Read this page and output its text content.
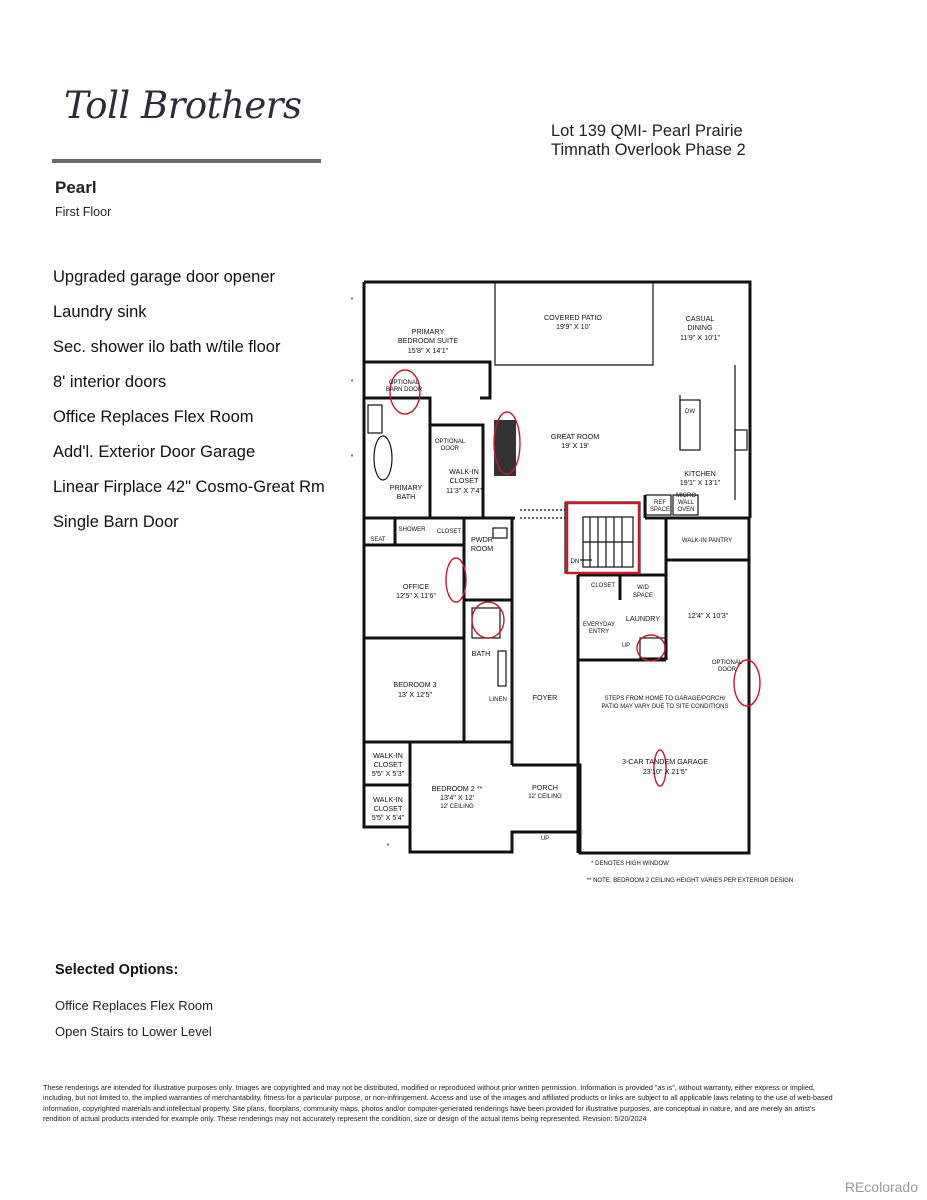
PRIMARY
BEDROOM SUITE
15'8" X 14'1"
COVERED PATIO
19'9" X 10'
CASUAL
DINING
11'9" X 10'1"
GREAT ROOM
19' X 19'
KITCHEN
19'1" X 13'1"
WALK-IN
CLOSET
11'3" X 7'4"
PRIMARY
BATH
SHOWER
SEAT
CLOSET
PWDR
ROOM
OFFICE
12'5" X 11'6"
BATH
LINEN
BEDROOM 3
13' X 12'5"	FOYER
WALK-IN
CLOSET
5'5" X 5'3"
WALK-IN
CLOSET
5'5" X 5'4"
BEDROOM 2 **
13'4" X 12'
12' CEILING
PORCH
12' CEILING
CLOSET	W/D
SPACE
EVERYDAY
ENTRY
LAUNDRY	12'4" X 10'3"
WALK-IN PANTRY
REF
SPACE
MICRO
WALL
OVEN
DW
3-CAR TANDEM GARAGE
23'10" X 21'5"
DN
UP
UP
OPTIONAL
BARN DOOR
OPTIONAL
DOOR
OPTIONAL
DOOR
STEPS FROM HOME TO GARAGE/PORCH/
PATIO MAY VARY DUE TO SITE CONDITIONS
* DENOTES HIGH WINDOW
** NOTE: BEDROOM 2 CEILING HEIGHT VARIES PER EXTERIOR DESIGN
*
*
*
*
Toll Brothers
Lot 139 QMI- Pearl Prairie
Timnath Overlook Phase 2
Pearl
First Floor
Upgraded garage door opener
Laundry sink
Sec. shower ilo bath w/tile floor
8' interior doors
Office Replaces Flex Room
Add'l. Exterior Door Garage
Linear Firplace 42" Cosmo-Great Rm
Single Barn Door
Selected Options:
Office Replaces Flex Room
Open Stairs to Lower Level
These renderings are intended for illustrative purposes only. Images are copyrighted and may not be distributed, modified or reproduced without prior written permission. Information is provided "as is", without warranty, either express or implied, including, but not limited to, the implied warranties of merchantability, fitness for a particular purpose, or non-infringement. Access and use of the images and affiliated products or links are subject to all applicable laws relating to the use of web-based information, copyrighted materials and intellectual property. Site plans, floorplans, community maps, photos and/or computer-generated renderings have been provided for illustrative purposes, are conceptual in nature, and are merely an artist's rendition of actual products intended for example only. These renderings may not accurately represent the condition, size or design of the actual items being represented. Revision: 5/20/2024
REcolorado
